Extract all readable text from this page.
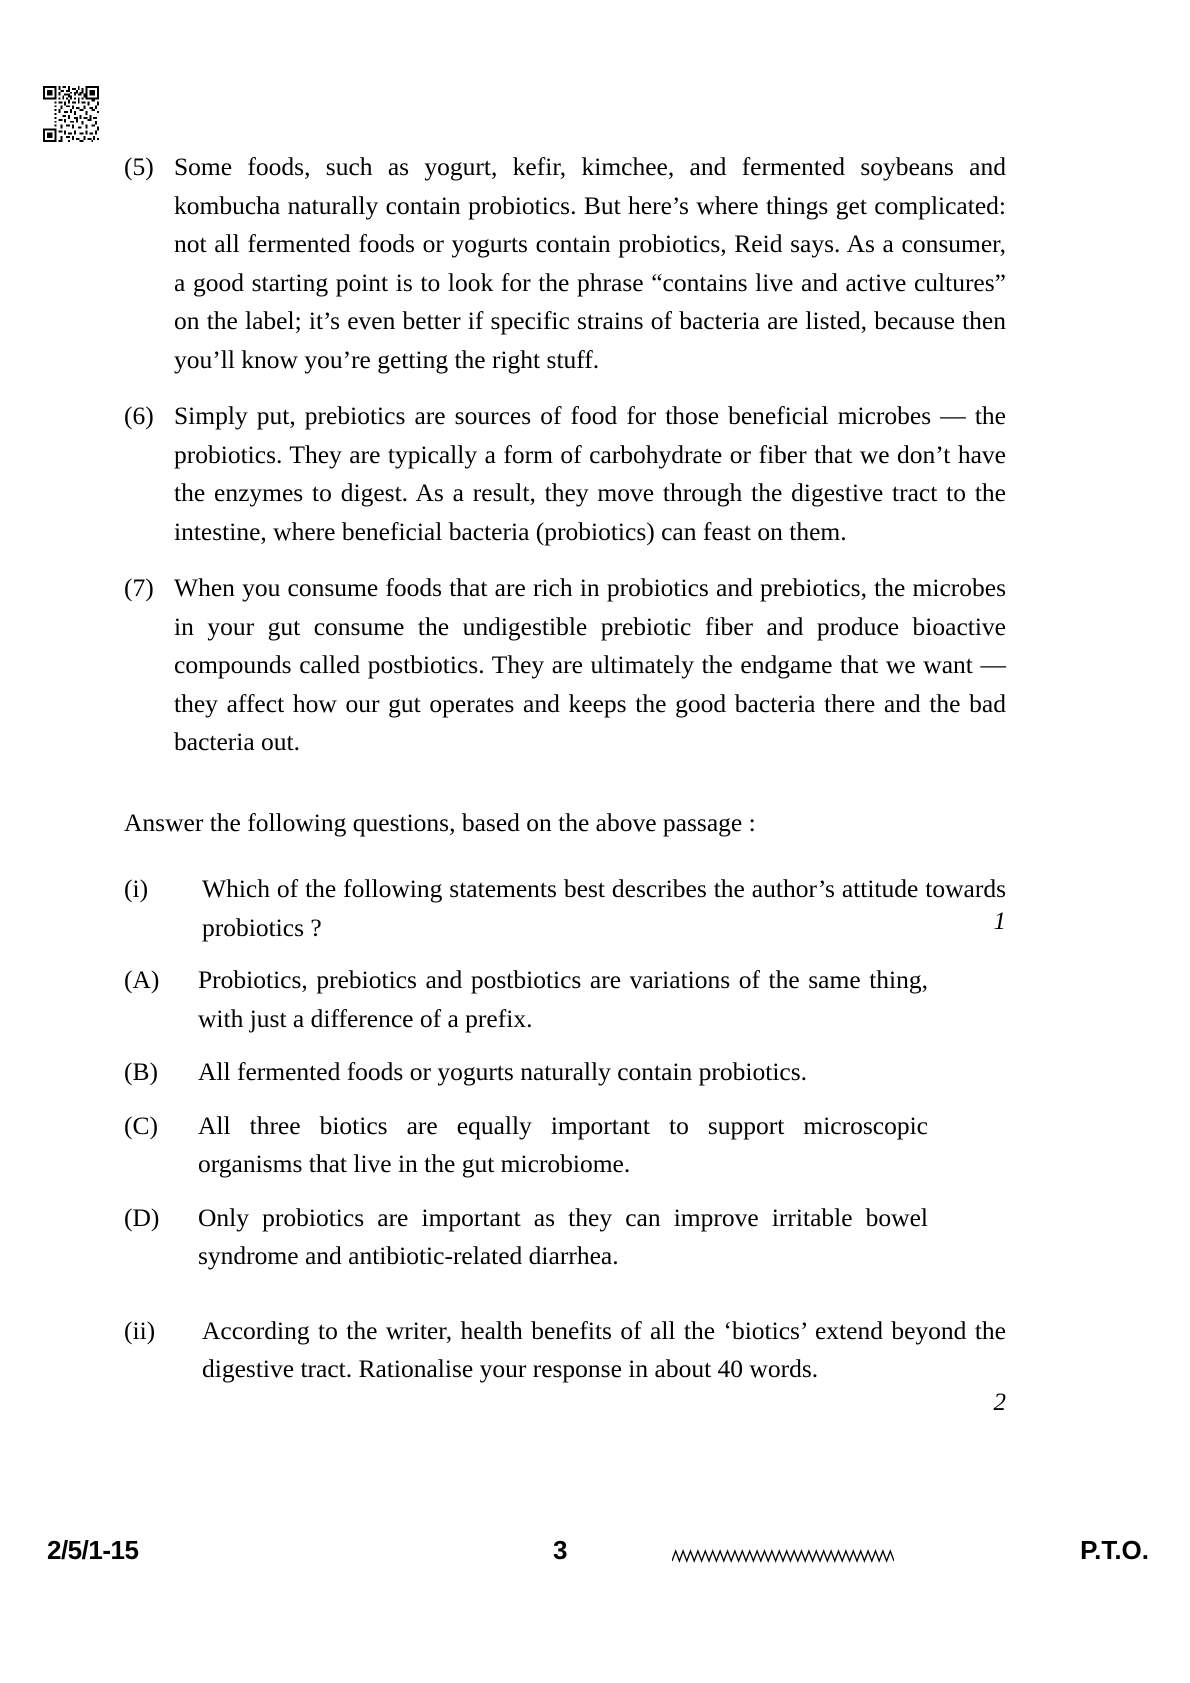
(5) Some foods, such as yogurt, kefir, kimchee, and fermented soybeans and kombucha naturally contain probiotics. But here’s where things get complicated: not all fermented foods or yogurts contain probiotics, Reid says. As a consumer, a good starting point is to look for the phrase “contains live and active cultures” on the label; it’s even better if specific strains of bacteria are listed, because then you’ll know you’re getting the right stuff.
(6) Simply put, prebiotics are sources of food for those beneficial microbes — the probiotics. They are typically a form of carbohydrate or fiber that we don’t have the enzymes to digest. As a result, they move through the digestive tract to the intestine, where beneficial bacteria (probiotics) can feast on them.
(7) When you consume foods that are rich in probiotics and prebiotics, the microbes in your gut consume the undigestible prebiotic fiber and produce bioactive compounds called postbiotics. They are ultimately the endgame that we want — they affect how our gut operates and keeps the good bacteria there and the bad bacteria out.
Answer the following questions, based on the above passage :
(i)	Which of the following statements best describes the author’s attitude towards probiotics ?	1
(A)	Probiotics, prebiotics and postbiotics are variations of the same thing, with just a difference of a prefix.
(B)	All fermented foods or yogurts naturally contain probiotics.
(C)	All three biotics are equally important to support microscopic organisms that live in the gut microbiome.
(D)	Only probiotics are important as they can improve irritable bowel syndrome and antibiotic-related diarrhea.
(ii)	According to the writer, health benefits of all the ‘biotics’ extend beyond the digestive tract. Rationalise your response in about 40 words.
2
2/5/1-15	3	P.T.O.
